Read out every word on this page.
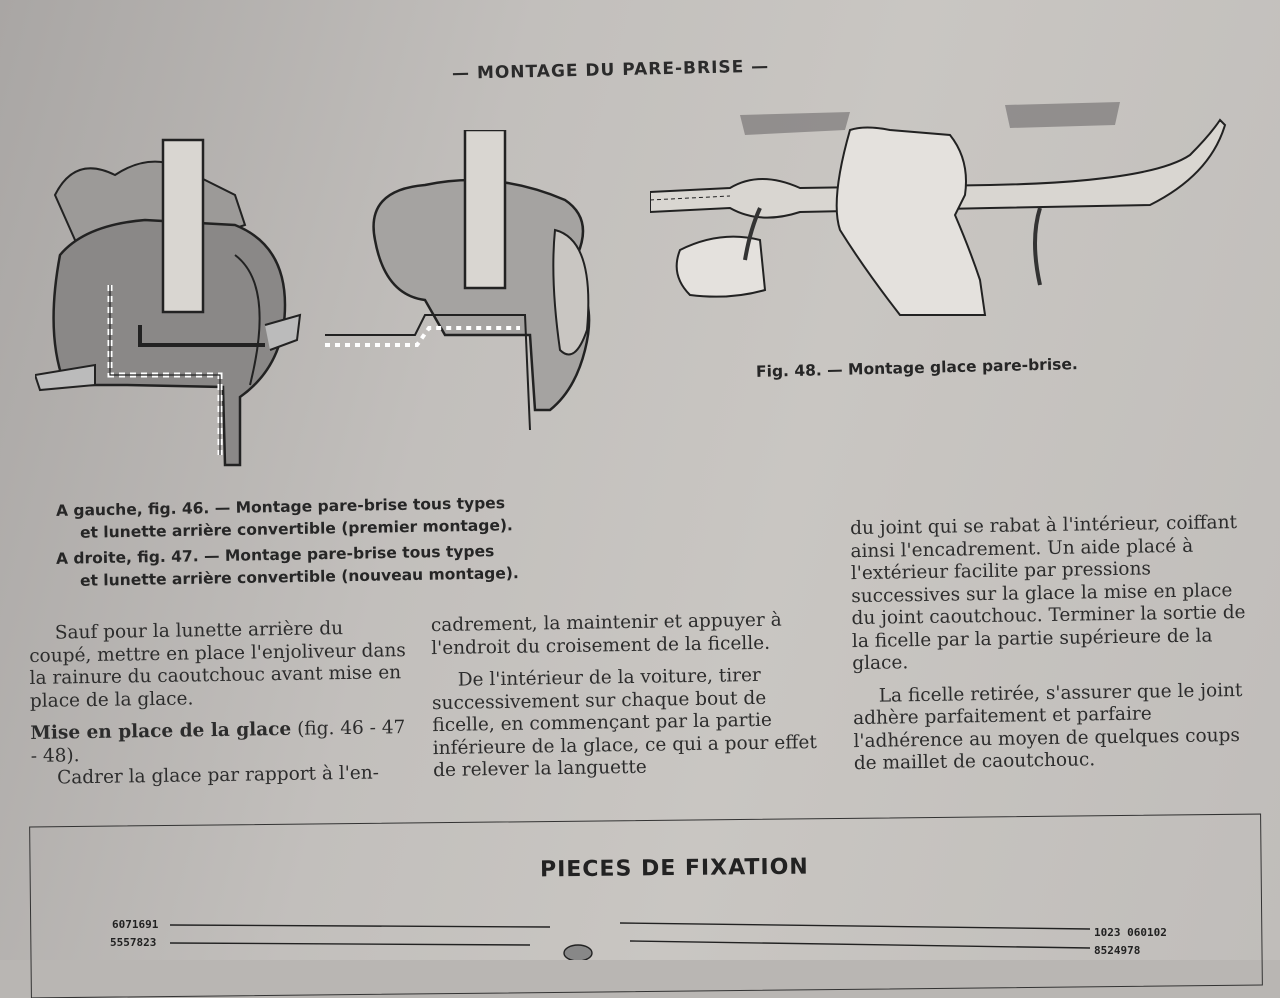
— MONTAGE DU PARE-BRISE —
Fig. 48. — Montage glace pare-brise.
A gauche, fig. 46. — Montage pare-brise tous types
et lunette arrière convertible (premier montage).
A droite, fig. 47. — Montage pare-brise tous types
et lunette arrière convertible (nouveau montage).

Sauf pour la lunette arrière du coupé, mettre en place l'enjoliveur dans la rainure du caoutchouc avant mise en place de la glace.

Mise en place de la glace (fig. 46 - 47 - 48).

Cadrer la glace par rapport à l'en-

cadrement, la maintenir et appuyer à l'endroit du croisement de la ficelle.

De l'intérieur de la voiture, tirer successivement sur chaque bout de ficelle, en commençant par la partie inférieure de la glace, ce qui a pour effet de relever la languette

du joint qui se rabat à l'intérieur, coiffant ainsi l'encadrement. Un aide placé à l'extérieur facilite par pressions successives sur la glace la mise en place du joint caoutchouc. Terminer la sortie de la ficelle par la partie supérieure de la glace.

La ficelle retirée, s'assurer que le joint adhère parfaitement et parfaire l'adhérence au moyen de quelques coups de maillet de caoutchouc.

PIECES DE FIXATION
6071691
5557823
1023 060102
8524978
